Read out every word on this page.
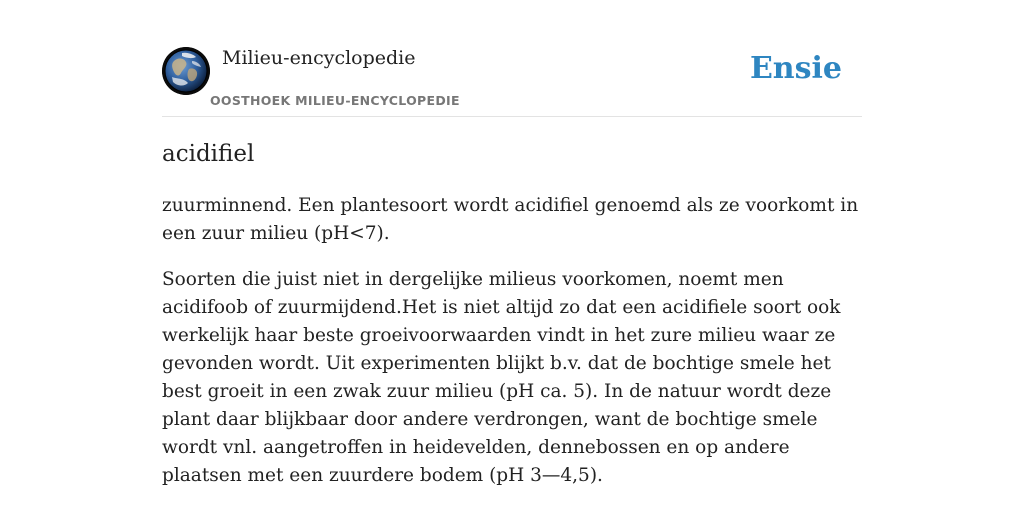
Milieu-encyclopedie
OOSTHOEK MILIEU-ENCYCLOPEDIE
Ensie
acidifiel

zuurminnend. Een plantesoort wordt acidifiel genoemd als ze voorkomt in een zuur milieu (pH<7).

Soorten die juist niet in dergelijke milieus voorkomen, noemt men acidifoob of zuurmijdend.Het is niet altijd zo dat een acidifiele soort ook werkelijk haar beste groeivoorwaarden vindt in het zure milieu waar ze gevonden wordt. Uit experimenten blijkt b.v. dat de bochtige smele het best groeit in een zwak zuur milieu (pH ca. 5). In de natuur wordt deze plant daar blijkbaar door andere verdrongen, want de bochtige smele wordt vnl. aangetroffen in heidevelden, dennebossen en op andere plaatsen met een zuurdere bodem (pH 3—4,5).
